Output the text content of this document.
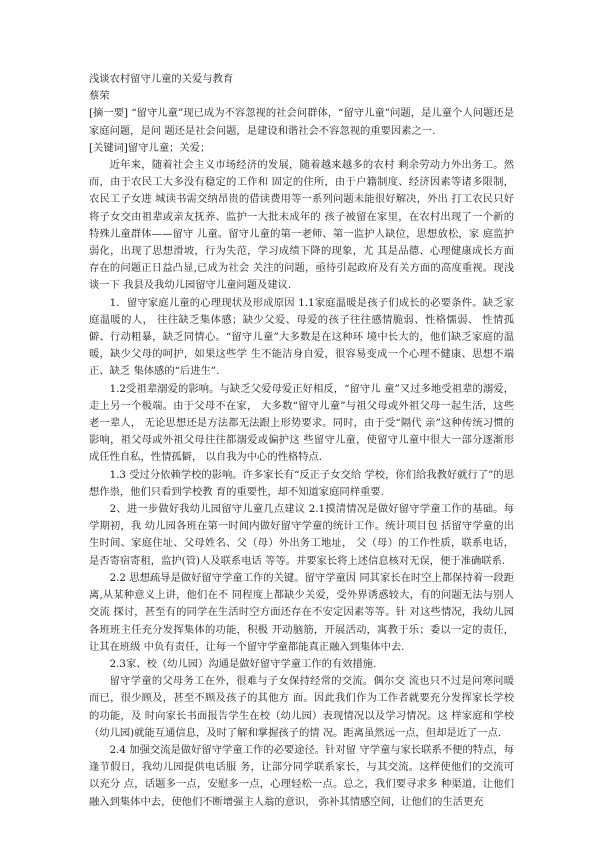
浅谈农村留守儿童的关爱与教育

蔡荣

[摘一要] “留守儿童”现已成为不容忽视的社会问群体，“留守儿童”问题，是儿童个人问题还是家庭问题，是问 题还是社会问题，是建设和谐社会不容忽视的重要因素之一.

[关键词]留守儿童；关爱；

近年来，随着社会主义市场经济的发展，随着越来越多的农村 剩余劳动力外出务工。然而，由于农民工大多没有稳定的工作和 固定的住所，由于户籍制度、经济因素等诸多限制，农民工子女进 城读书需交纳昂贵的借读费用等一系列问题未能很好解决，外出 打工农民只好将子女交由祖辈或亲友抚养、监护一大批未成年的 孩子被留在家里，在农村出现了一个新的特殊儿童群体——留守 儿童。留守儿童的第一老师、第一监护人缺位，思想放松，家 庭监护弱化，出现了思想滑坡，行为失范，学习成绩下降的现象，尤 其是品德、心理健康成长方面存在的问题正日益凸显,已成为社会 关注的问题，亟待引起政府及有关方面的高度重视。现浅谈一下 我县及我幼儿园留守儿童问题及建议.

1．留守家庭儿童的心理现状及形成原因 1.1家庭温暖是孩子们成长的必要条件。缺乏家庭温暖的人， 往往缺乏集体感；缺少父爱、母爱的孩子往往感情脆弱、性格懦弱、 性情孤僻、行动粗暴，缺乏同情心。“留守儿童”大多数是在这种环 境中长大的，他们缺乏家庭的温暖，缺少父母的呵护，如果这些学 生不能洁身自爱，很容易变成一个心理不健康、思想不端正、缺乏 集体感的“后进生”.

1.2受祖辈溺爱的影响。与缺乏父爱母爱正好相反，“留守儿 童”又过多地受祖辈的溺爱，走上另一个极端。由于父母不在家， 大多数“留守儿童”与祖父母或外祖父母一起生活，这些老一辈人， 无论思想还是方法都无法跟上形势要求。同时，由于受“隔代 亲”这种传统习惯的影响，祖父母或外祖父母往往都溺爱或偏护这 些留守儿童，使留守儿童中很大一部分逐渐形成任性自私，性情孤僻， 以自我为中心的性格特点.

1.3 受过分依赖学校的影响。许多家长有“反正子女交给 学校，你们给我教好就行了”的思想作祟，他们只看到学校教 育的重要性，却不知道家庭同样重要.

2、进一步做好我幼儿园留守儿童几点建议 2.1摸清情况是做好留守学童工作的基础。每学期初，我 幼儿园各班在第一时间内做好留守学童的统计工作。统计项目包 括留守学童的出生时间、家庭住址、父母姓名、父（母）外出务工地址， 父（母）的工作性质，联系电话，是否寄宿寄租，监护(管)人及联系电话 等等。并要家长将上述信息核对无误，便于准确联系.

2.2 思想疏导是做好留守学童工作的关键。留守学童因 同其家长在时空上都保持着一段距离,从某种意义上讲，他们在不 同程度上都缺少关爱，受外界诱惑较大，有的问题无法与别人交流 探讨，甚至有的同学在生活时空方面还存在不安定因素等等。针 对这些情况，我幼儿园各班班主任充分发挥集体的功能，积极 开动脑筋，开展活动，寓教于乐；委以一定的责任，让其在班级 中负有责任，让每一个留守学童都能真正融入到集体中去.

2.3家、校（幼儿园）沟通是做好留守学童工作的有效措施.

留守学童的父母务工在外，很难与子女保持经常的交流。偶尔交 流也只不过是问寒问暖而已，很少顾及，甚至不顾及孩子的其他方 面。因此我们作为工作者就要充分发挥家长学校的功能，及 时向家长书面报告学生在校（幼儿园）表现情况以及学习情况。这 样家庭和学校（幼儿园)就能互通信息，及时了解和掌握孩子的情 况。距离虽然远一点，但却是近了一点.

2.4 加强交流是做好留守学童工作的必要途径。针对留 守学童与家长联系不便的特点，每逢节假日，我幼儿园提供电话服 务，让部分同学联系家长，与其交流。这样使他们的交流可以充分 点，话题多一点，安慰多一点，心理轻松一点。总之，我们要寻求多 种渠道，让他们融入到集体中去，使他们不断增强主人翁的意识， 弥补其情感空间，让他们的生活更充
